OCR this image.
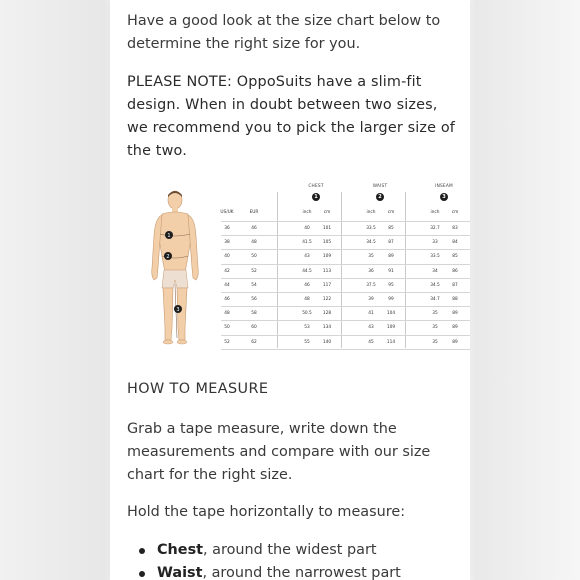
Have a good look at the size chart below to determine the right size for you.
PLEASE NOTE: OppoSuits have a slim-fit design. When in doubt between two sizes, we recommend you to pick the larger size of the two.
1
2
3
CHEST	WAIST	INSEAM
1	2	3
US/UK	EUR	inch	cm	inch	cm	inch	cm
36	46	40	101	33.5	85	32.7	83
38	48	41.5	105	34.5	87	33	84
40	50	43	109	35	89	33.5	85
42	52	44.5	113	36	91	34	86
44	54	46	117	37.5	95	34.5	87
46	56	48	122	39	99	34.7	88
48	58	50.5	128	41	104	35	89
50	60	53	134	43	109	35	89
52	62	55	140	45	114	35	89
HOW TO MEASURE
Grab a tape measure, write down the measurements and compare with our size chart for the right size.
Hold the tape horizontally to measure:
Chest, around the widest part
Waist, around the narrowest part
